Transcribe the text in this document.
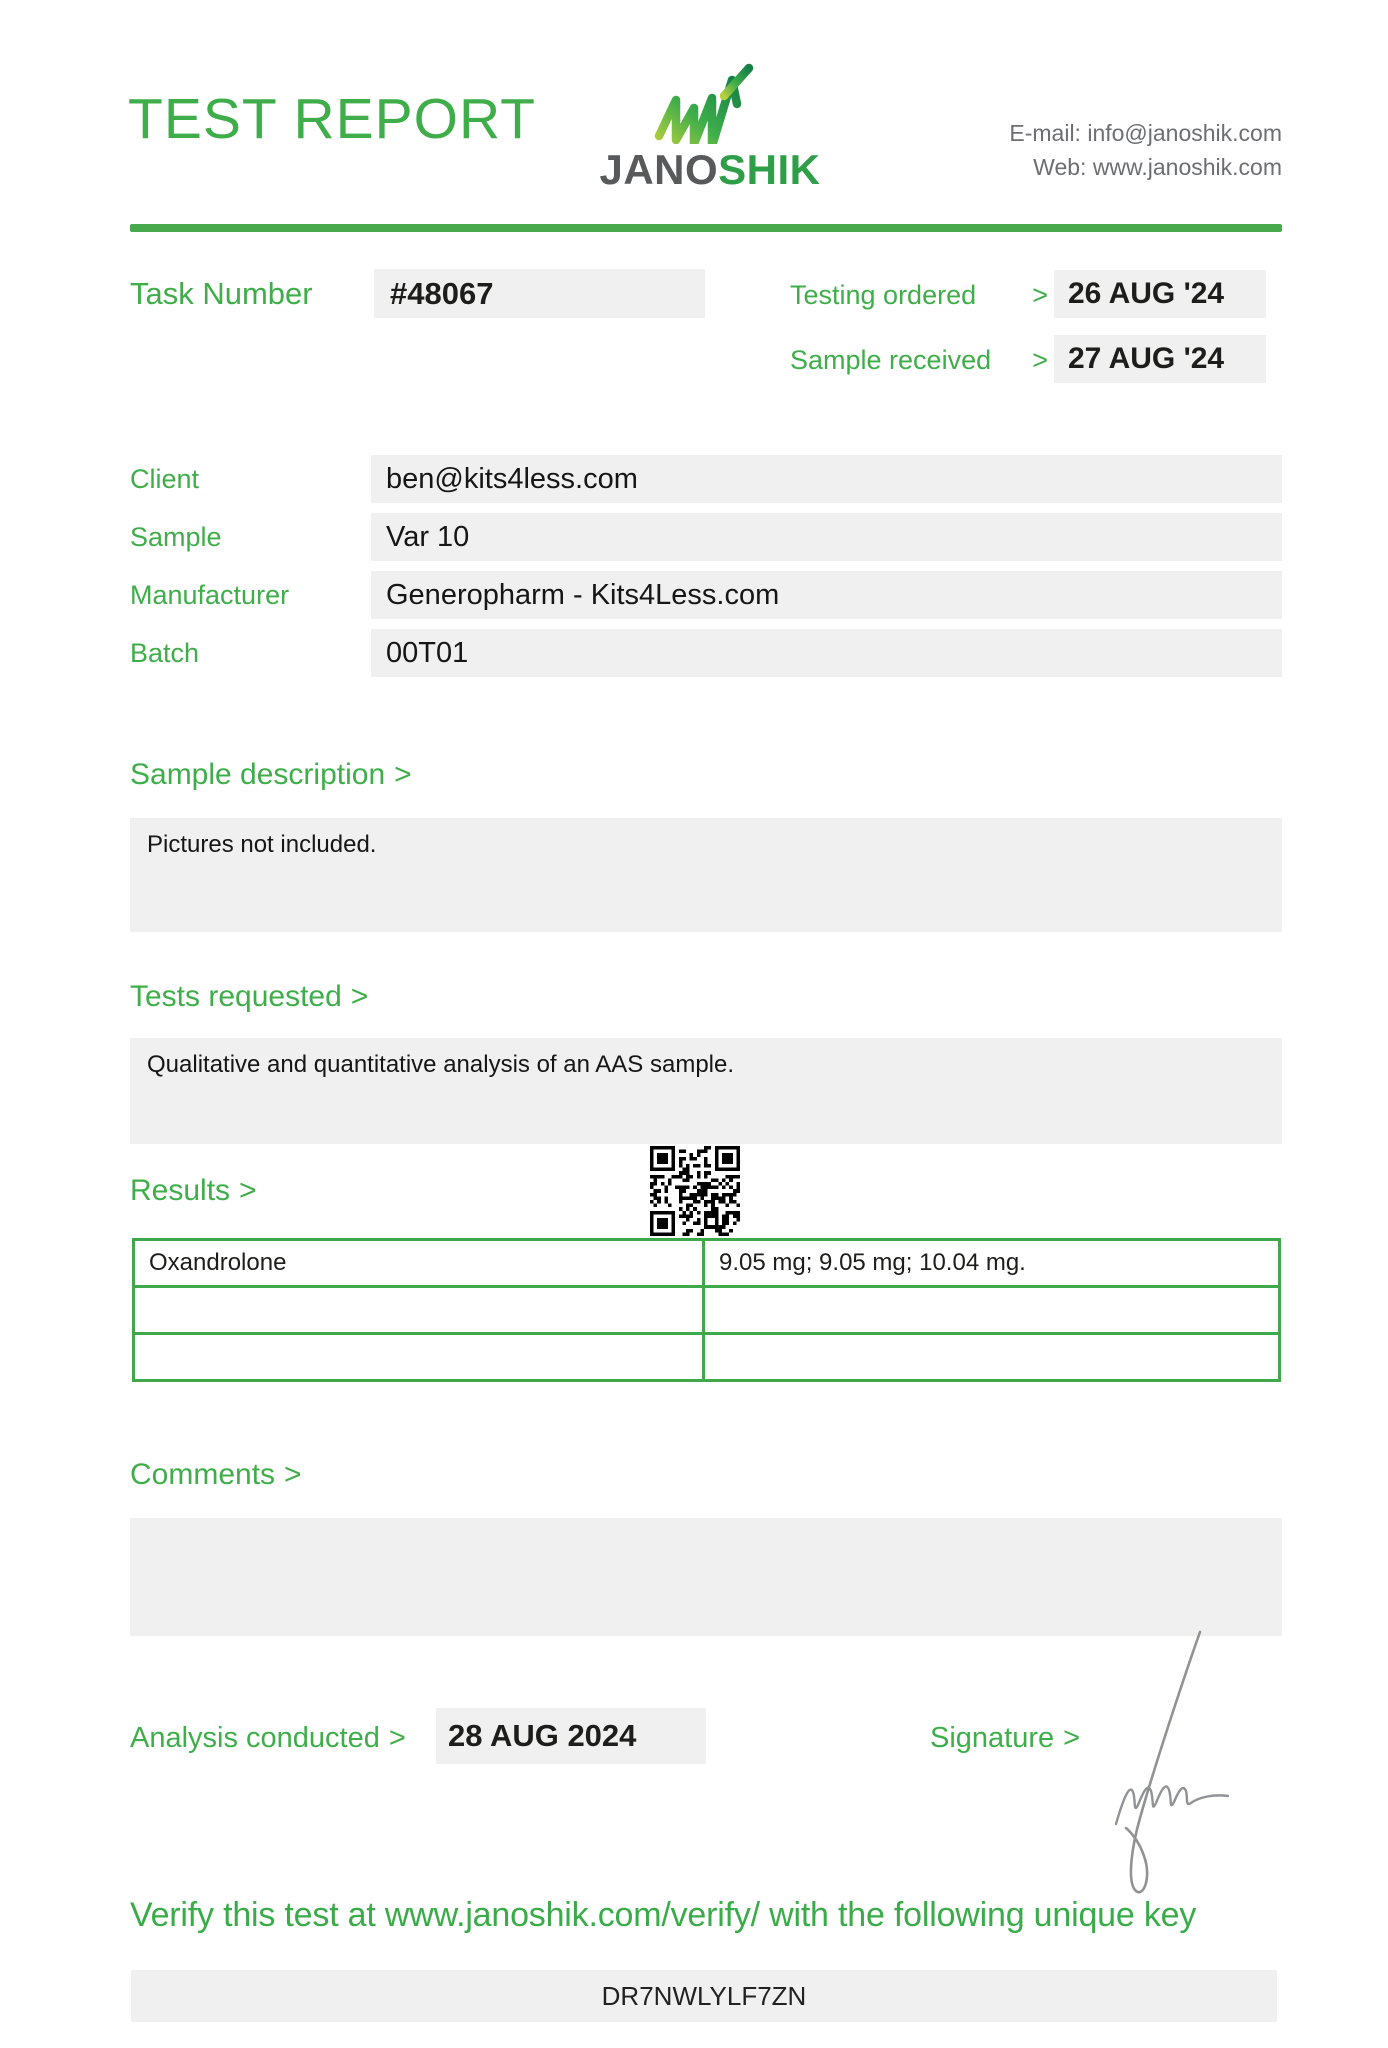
TEST REPORT
JANOSHIK
E-mail: info@janoshik.com
Web: www.janoshik.com
Task Number	#48067	Testing ordered > 26 AUG '24
Sample received > 27 AUG '24
Client	ben@kits4less.com
Sample	Var 10
Manufacturer	Generopharm - Kits4Less.com
Batch	00T01
Sample description >
Pictures not included.
Tests requested >
Qualitative and quantitative analysis of an AAS sample.
Results >
Oxandrolone	9.05 mg; 9.05 mg; 10.04 mg.

Comments >
Analysis conducted >	28 AUG 2024	Signature >
Verify this test at www.janoshik.com/verify/ with the following unique key
DR7NWLYLF7ZN
